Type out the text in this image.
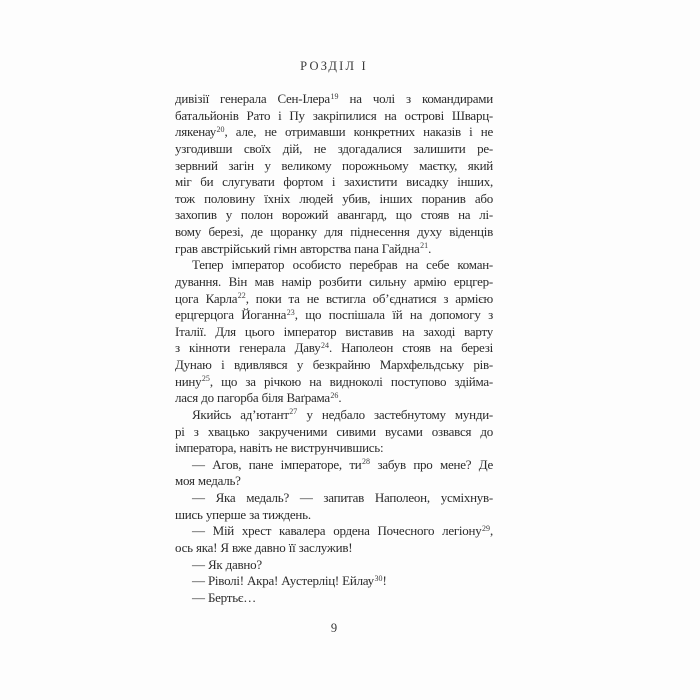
РОЗДІЛ І
дивізії генерала Сен-Ілера$^{19}$ на чолі з командирами
батальйонів Рато і Пу закріпилися на острові Шварц-
лякенау$^{20}$, але, не отримавши конкретних наказів і не
узгодивши своїх дій, не здогадалися залишити ре-
зервний загін у великому порожньому маєтку, який
міг би слугувати фортом і захистити висадку інших,
тож половину їхніх людей убив, інших поранив або
захопив у полон ворожий авангард, що стояв на лі-
вому березі, де щоранку для піднесення духу віденців
грав австрійський гімн авторства пана Гайдна$^{21}$.
Тепер імператор особисто перебрав на себе коман-
дування. Він мав намір розбити сильну армію ерцгер-
цога Карла$^{22}$, поки та не встигла об’єднатися з армією
ерцгерцога Йоганна$^{23}$, що поспішала їй на допомогу з
Італії. Для цього імператор виставив на заході варту
з кінноти генерала Даву$^{24}$. Наполеон стояв на березі
Дунаю і вдивлявся у безкрайню Мархфельдську рів-
нину$^{25}$, що за річкою на видноколі поступово здійма-
лася до пагорба біля Ваґрама$^{26}$.
Якийсь ад’ютант$^{27}$ у недбало застебнутому мунди-
рі з хвацько закрученими сивими вусами озвався до
імператора, навіть не виструнчившись:
— Агов, пане імператоре, $ти^{28}$ забув про мене? Де
моя медаль?
— Яка медаль? — запитав Наполеон, усміхнув-
шись уперше за тиждень.
— Мій хрест кавалера ордена Почесного легіону$^{29}$,
ось яка! Я вже давно її заслужив!
— Як давно?
— Ріволі! Акра! Аустерліц! Ейлау$^{30}$!
— Бертьє…
9
